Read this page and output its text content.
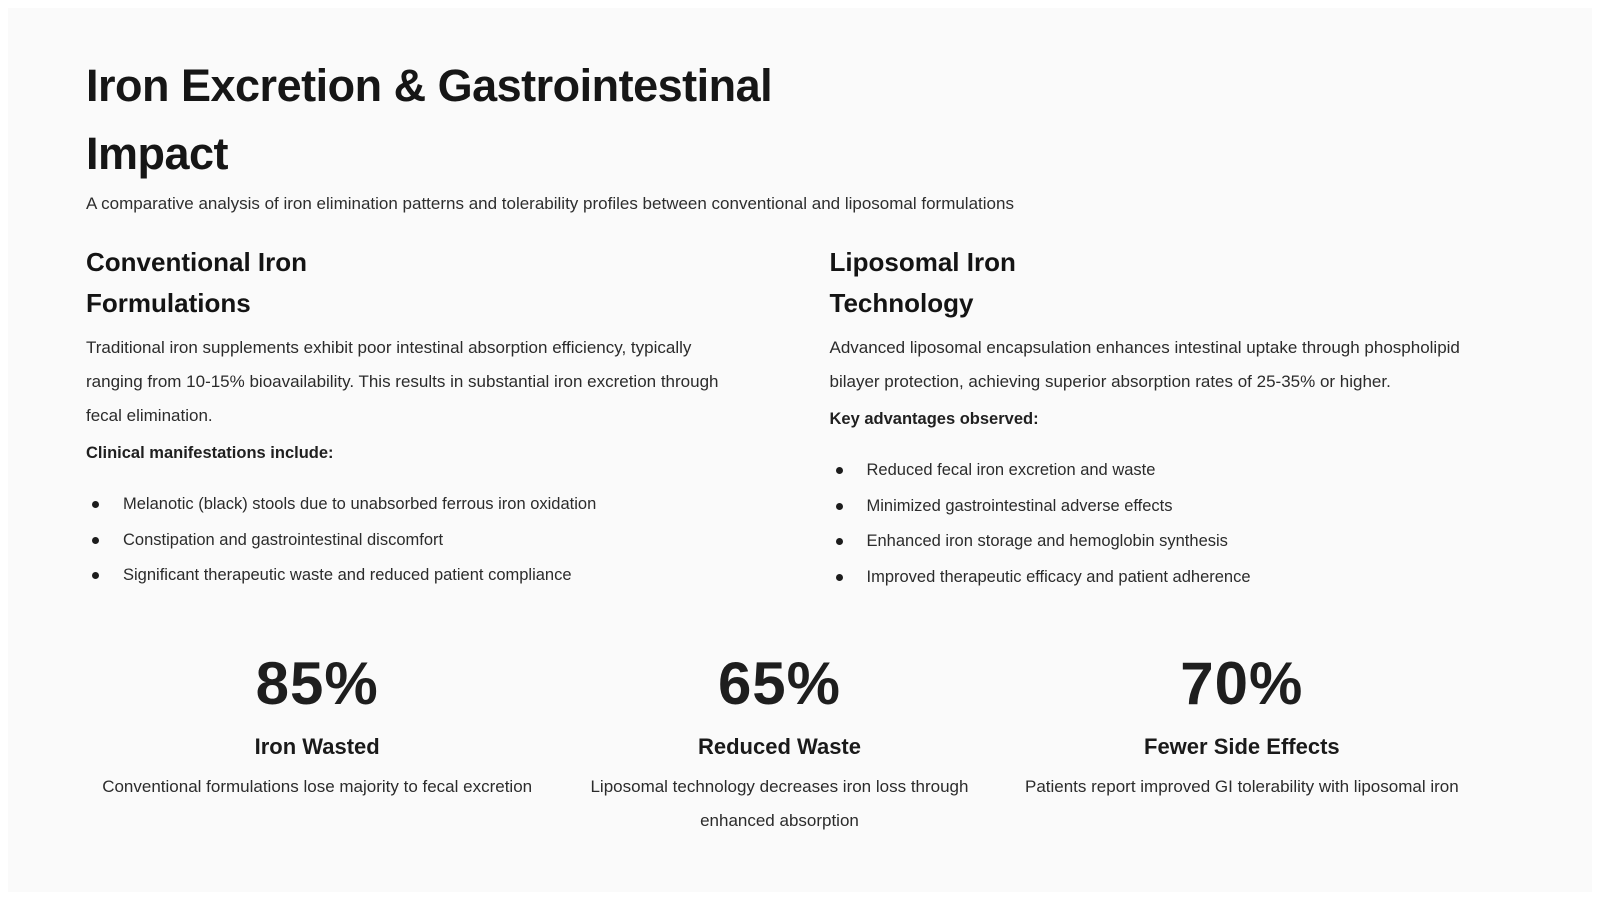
Iron Excretion & Gastrointestinal Impact

A comparative analysis of iron elimination patterns and tolerability profiles between conventional and liposomal formulations

Conventional Iron Formulations

Traditional iron supplements exhibit poor intestinal absorption efficiency, typically ranging from 10-15% bioavailability. This results in substantial iron excretion through fecal elimination.

Clinical manifestations include:

Melanotic (black) stools due to unabsorbed ferrous iron oxidation
Constipation and gastrointestinal discomfort
Significant therapeutic waste and reduced patient compliance
Liposomal Iron Technology

Advanced liposomal encapsulation enhances intestinal uptake through phospholipid bilayer protection, achieving superior absorption rates of 25-35% or higher.

Key advantages observed:

Reduced fecal iron excretion and waste
Minimized gastrointestinal adverse effects
Enhanced iron storage and hemoglobin synthesis
Improved therapeutic efficacy and patient adherence
85%
Iron Wasted

Conventional formulations lose majority to fecal excretion

65%
Reduced Waste

Liposomal technology decreases iron loss through enhanced absorption

70%
Fewer Side Effects

Patients report improved GI tolerability with liposomal iron
